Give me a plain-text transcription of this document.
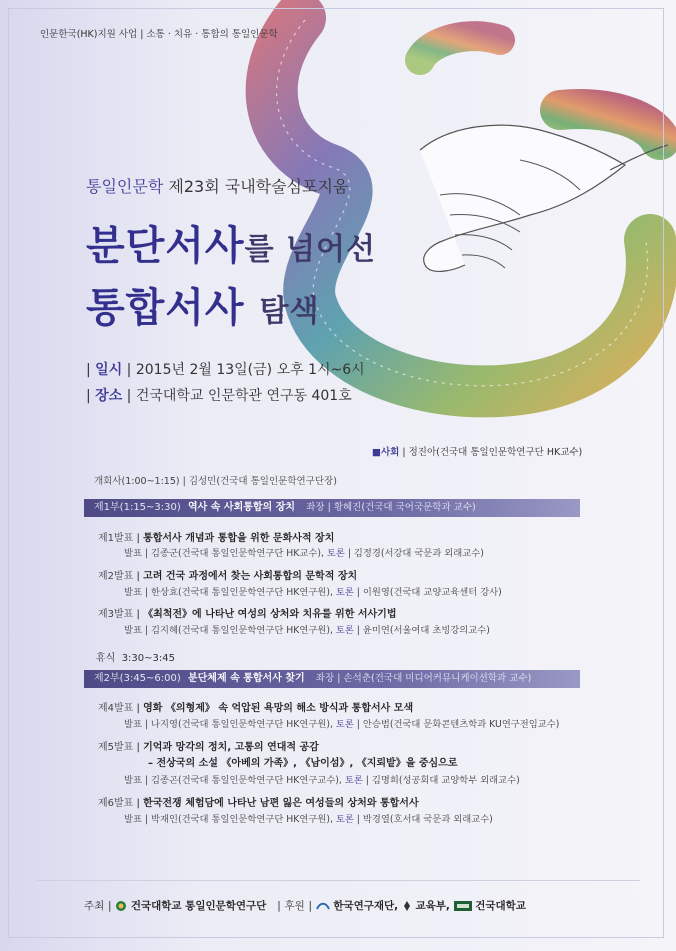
인문한국(HK)지원 사업 | 소통 · 치유 · 통합의 통일인문학
통일인문학 제23회 국내학술심포지움
분단서사를 넘어선
통합서사 탐색
| 일시 | 2015년 2월 13일(금) 오후 1시~6시
| 장소 | 건국대학교 인문학관 연구동 401호
■사회 | 정진아(건국대 통일인문학연구단 HK교수)
개회사(1:00~1:15) | 김성민(건국대 통일인문학연구단장)
제1부(1:15~3:30) 역사 속 사회통합의 장치 좌장 | 황혜진(건국대 국어국문학과 교수)
제1발표 | 통합서사 개념과 통합을 위한 문화사적 장치
발표 | 김종군(건국대 통일인문학연구단 HK교수), 토론 | 김정경(서강대 국문과 외래교수)
제2발표 | 고려 건국 과정에서 찾는 사회통합의 문학적 장치
발표 | 한상효(건국대 통일인문학연구단 HK연구원), 토론 | 이원영(건국대 교양교육센터 강사)
제3발표 | 《최척전》에 나타난 여성의 상처와 치유를 위한 서사기법
발표 | 김지혜(건국대 통일인문학연구단 HK연구원), 토론 | 윤미연(서울여대 초빙강의교수)
휴식 3:30~3:45
제2부(3:45~6:00) 분단체제 속 통합서사 찾기 좌장 | 손석춘(건국대 미디어커뮤니케이션학과 교수)
제4발표 | 영화 《의형제》 속 억압된 욕망의 해소 방식과 통합서사 모색
발표 | 나지영(건국대 통일인문학연구단 HK연구원), 토론 | 안승범(건국대 문화콘텐츠학과 KU연구전임교수)
제5발표 | 기억과 망각의 정치, 고통의 연대적 공감
– 전상국의 소설 《아베의 가족》, 《남이섬》, 《지뢰밭》을 중심으로
발표 | 김종곤(건국대 통일인문학연구단 HK연구교수), 토론 | 김명희(성공회대 교양학부 외래교수)
제6발표 | 한국전쟁 체험담에 나타난 남편 잃은 여성들의 상처와 통합서사
발표 | 박재인(건국대 통일인문학연구단 HK연구원), 토론 | 박경열(호서대 국문과 외래교수)
주최 | 건국대학교 통일인문학연구단 | 후원 | 한국연구재단, 교육부, 건국대학교
